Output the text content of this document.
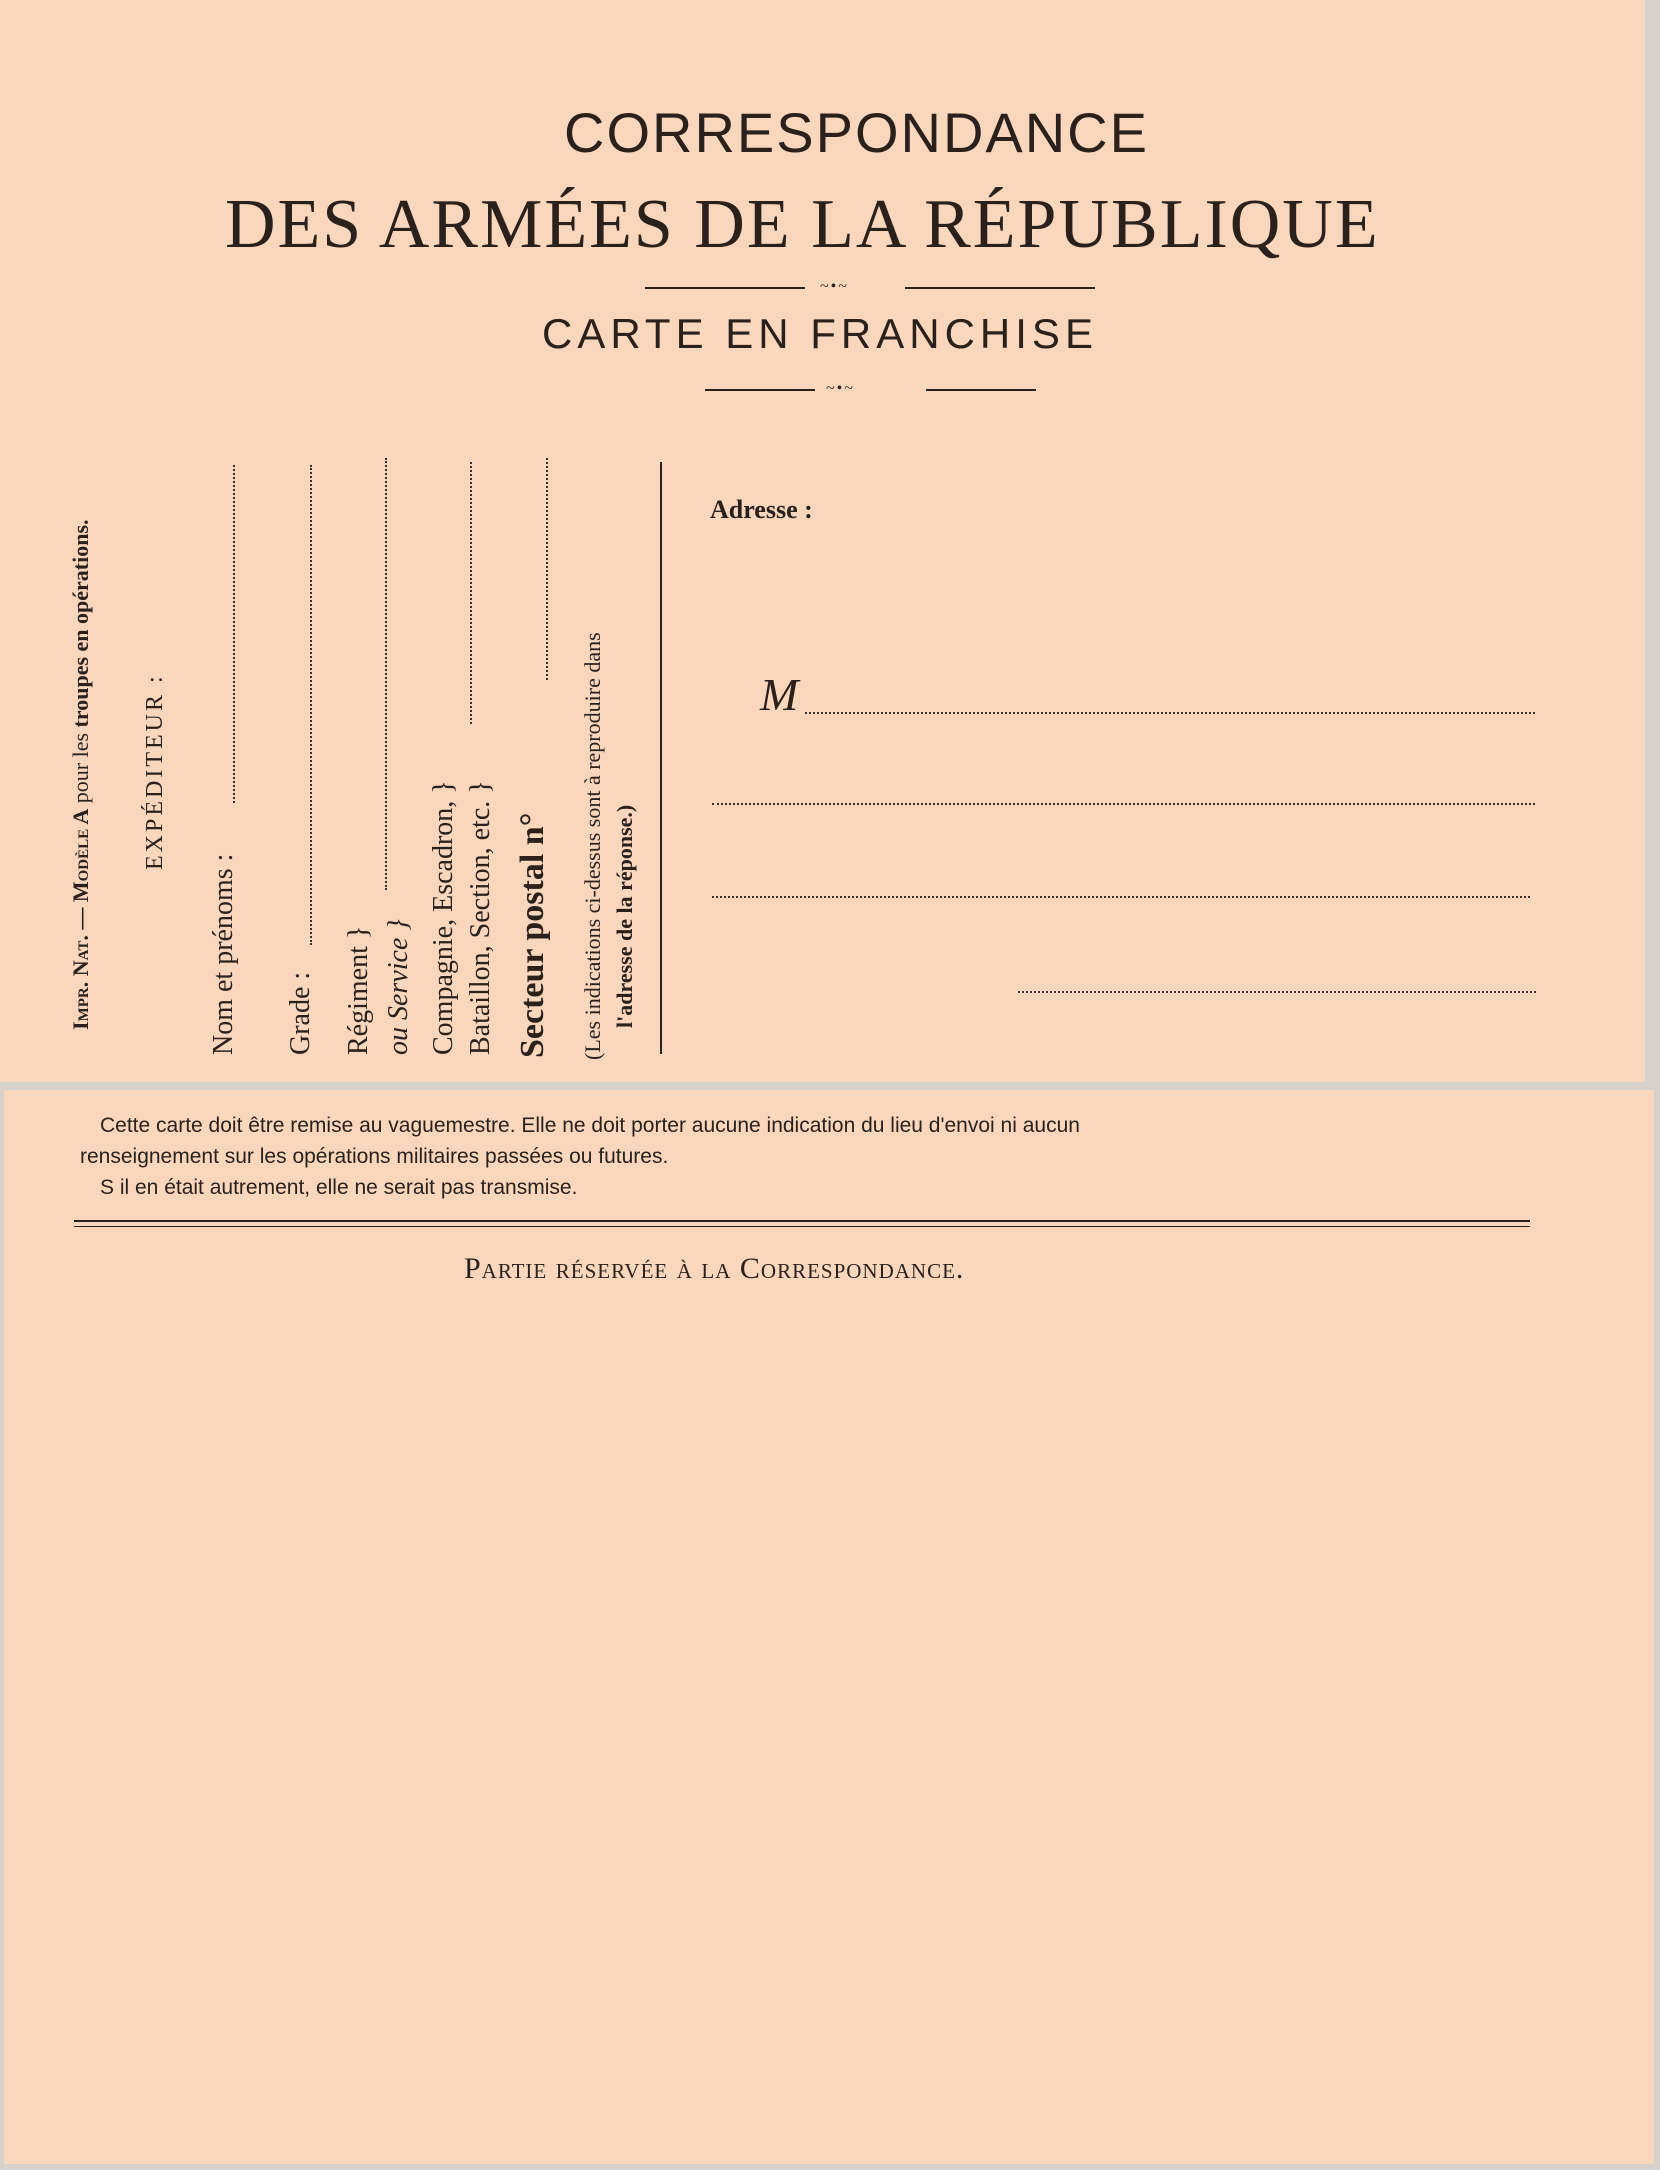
CORRESPONDANCE
DES ARMÉES DE LA RÉPUBLIQUE
~•~
CARTE EN FRANCHISE
~•~
Impr. Nat. — Modèle A pour les troupes en opérations.
EXPÉDITEUR :
Nom et prénoms : Grade : Régiment } ou Service } Compagnie, Escadron, } Bataillon, Section, etc. } Secteur postal n° (Les indications ci-dessus sont à reproduire dans l'adresse de la réponse.)
Adresse :
M
Cette carte doit être remise au vaguemestre. Elle ne doit porter aucune indication du lieu d'envoi ni aucun
renseignement sur les opérations militaires passées ou futures.
S il en était autrement, elle ne serait pas transmise.
Partie réservée à la Correspondance.
